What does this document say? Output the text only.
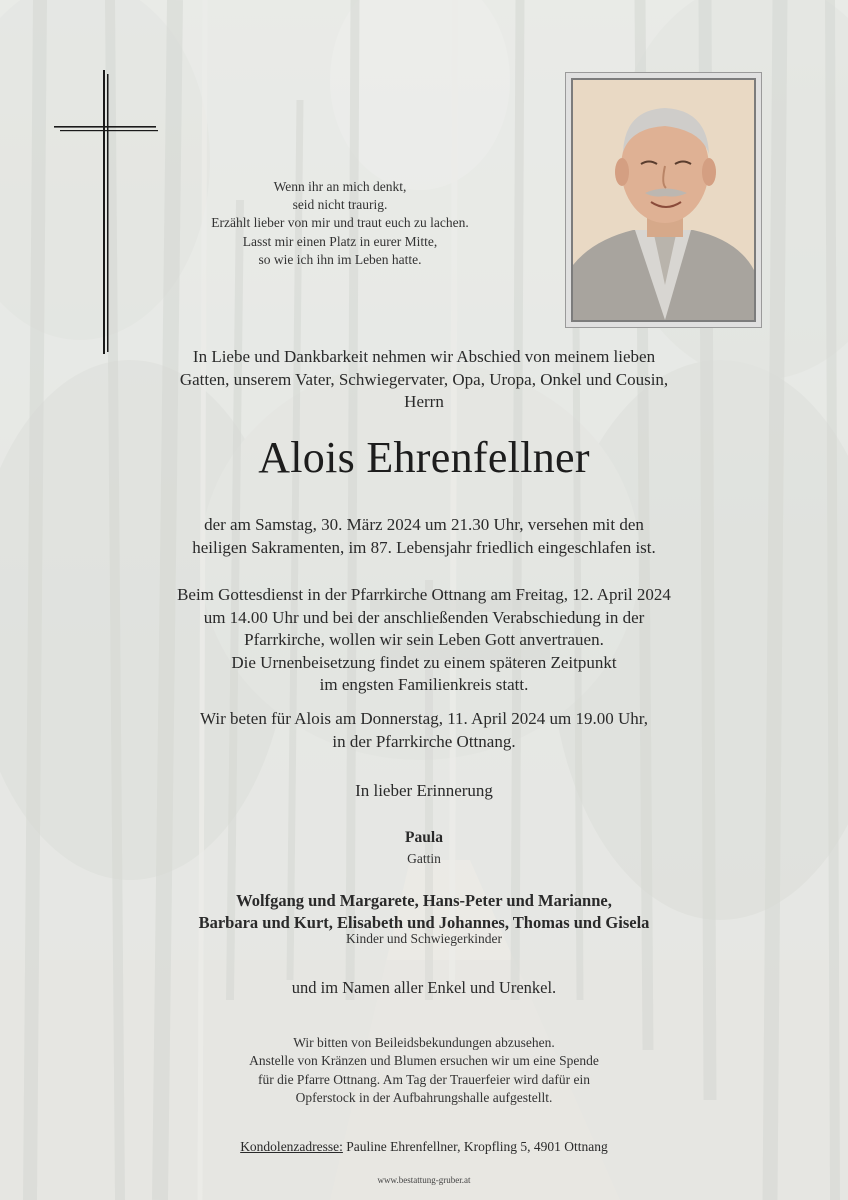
Wenn ihr an mich denkt,
seid nicht traurig.
Erzählt lieber von mir und traut euch zu lachen.
Lasst mir einen Platz in eurer Mitte,
so wie ich ihn im Leben hatte.
In Liebe und Dankbarkeit nehmen wir Abschied von meinem lieben
Gatten, unserem Vater, Schwiegervater, Opa, Uropa, Onkel und Cousin,
Herrn
Alois Ehrenfellner
der am Samstag, 30. März 2024 um 21.30 Uhr, versehen mit den
heiligen Sakramenten, im 87. Lebensjahr friedlich eingeschlafen ist.
Beim Gottesdienst in der Pfarrkirche Ottnang am Freitag, 12. April 2024
um 14.00 Uhr und bei der anschließenden Verabschiedung in der
Pfarrkirche, wollen wir sein Leben Gott anvertrauen.
Die Urnenbeisetzung findet zu einem späteren Zeitpunkt
im engsten Familienkreis statt.
Wir beten für Alois am Donnerstag, 11. April 2024 um 19.00 Uhr,
in der Pfarrkirche Ottnang.
In lieber Erinnerung
Paula
Gattin
Wolfgang und Margarete, Hans-Peter und Marianne,
Barbara und Kurt, Elisabeth und Johannes, Thomas und Gisela
Kinder und Schwiegerkinder
und im Namen aller Enkel und Urenkel.
Wir bitten von Beileidsbekundungen abzusehen.
Anstelle von Kränzen und Blumen ersuchen wir um eine Spende
für die Pfarre Ottnang. Am Tag der Trauerfeier wird dafür ein
Opferstock in der Aufbahrungshalle aufgestellt.
Kondolenzadresse: Pauline Ehrenfellner, Kropfling 5, 4901 Ottnang
www.bestattung-gruber.at
